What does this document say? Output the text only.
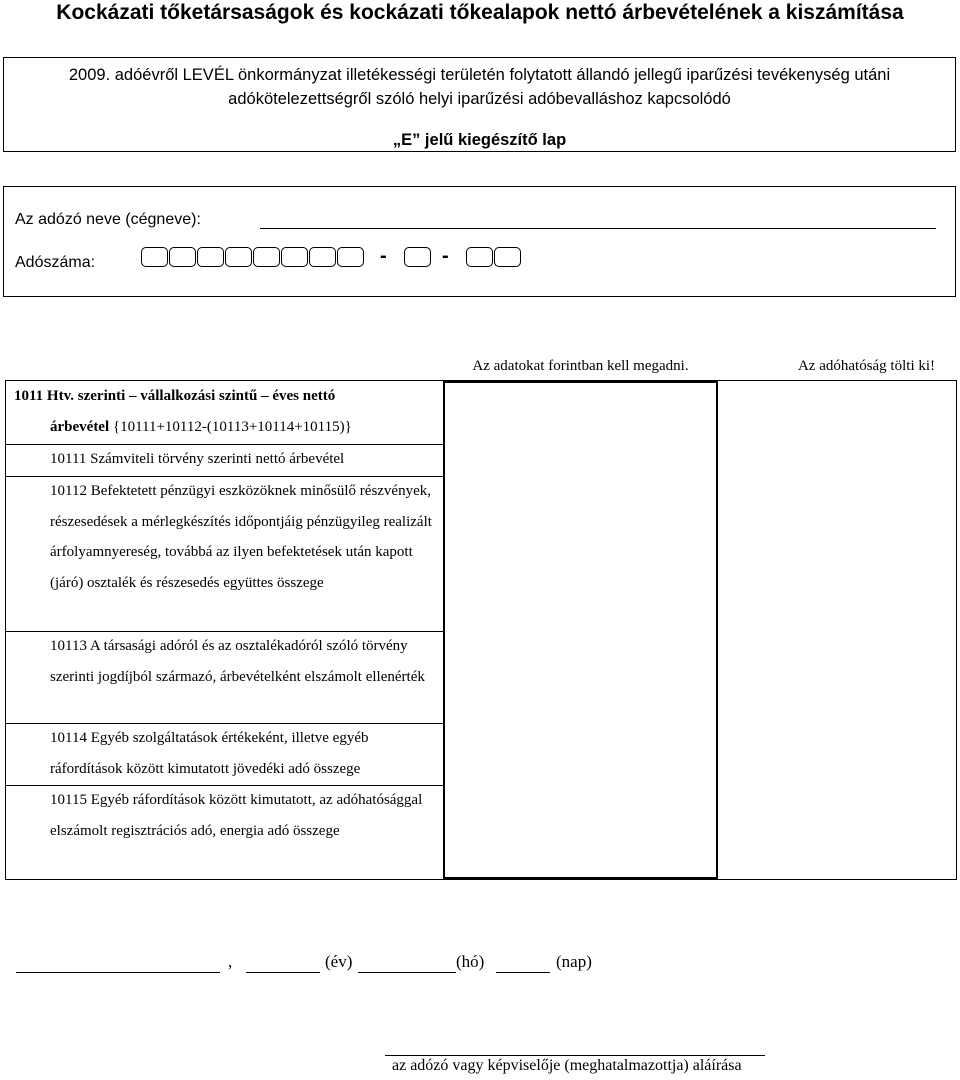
Kockázati tőketársaságok és kockázati tőkealapok nettó árbevételének a kiszámítása
2009. adóévről LEVÉL önkormányzat illetékességi területén folytatott állandó jellegű iparűzési tevékenység utáni
adókötelezettségről szóló helyi iparűzési adóbevalláshoz kapcsolódó
„E” jelű kiegészítő lap
Az adózó neve (cégneve):
Adószáma:	-	-
Az adatokat forintban kell megadni.	Az adóhatóság tölti ki!
1011 Htv. szerinti – vállalkozási szintű – éves nettó
árbevétel {10111+10112-(10113+10114+10115)}
10111 Számviteli törvény szerinti nettó árbevétel
10112 Befektetett pénzügyi eszközöknek minősülő részvények, részesedések a mérlegkészítés időpontjáig pénzügyileg realizált árfolyamnyereség, továbbá az ilyen befektetések után kapott (járó) osztalék és részesedés együttes összege
10113 A társasági adóról és az osztalékadóról szóló törvény szerinti jogdíjból származó, árbevételként elszámolt ellenérték
10114 Egyéb szolgáltatások értékeként, illetve egyéb ráfordítások között kimutatott jövedéki adó összege
10115 Egyéb ráfordítások között kimutatott, az adóhatósággal elszámolt regisztrációs adó, energia adó összege
,	(év)	(hó)	(nap)
az adózó vagy képviselője (meghatalmazottja) aláírása
